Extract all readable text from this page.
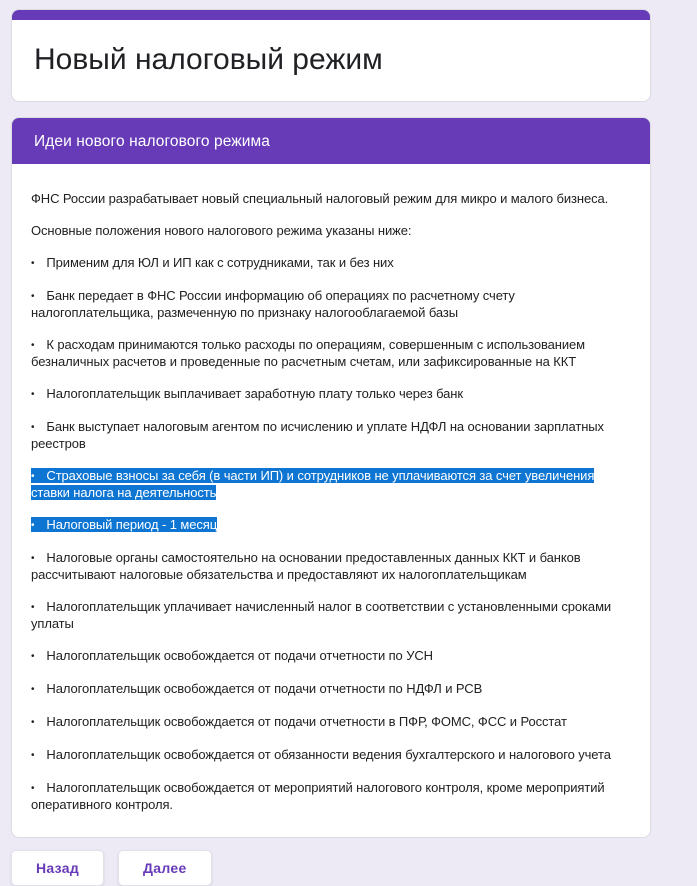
Новый налоговый режим
Идеи нового налогового режима

ФНС России разрабатывает новый специальный налоговый режим для микро и малого бизнеса.

Основные положения нового налогового режима указаны ниже:

• Применим для ЮЛ и ИП как с сотрудниками, так и без них

• Банк передает в ФНС России информацию об операциях по расчетному счету налогоплательщика, размеченную по признаку налогооблагаемой базы

• К расходам принимаются только расходы по операциям, совершенным с использованием безналичных расчетов и проведенные по расчетным счетам, или зафиксированные на ККТ

• Налогоплательщик выплачивает заработную плату только через банк

• Банк выступает налоговым агентом по исчислению и уплате НДФЛ на основании зарплатных реестров

• Страховые взносы за себя (в части ИП) и сотрудников не уплачиваются за счет увеличения ставки налога на деятельность

• Налоговый период - 1 месяц

• Налоговые органы самостоятельно на основании предоставленных данных ККТ и банков рассчитывают налоговые обязательства и предоставляют их налогоплательщикам

• Налогоплательщик уплачивает начисленный налог в соответствии с установленными сроками уплаты

• Налогоплательщик освобождается от подачи отчетности по УСН

• Налогоплательщик освобождается от подачи отчетности по НДФЛ и РСВ

• Налогоплательщик освобождается от подачи отчетности в ПФР, ФОМС, ФСС и Росстат

• Налогоплательщик освобождается от обязанности ведения бухгалтерского и налогового учета

• Налогоплательщик освобождается от мероприятий налогового контроля, кроме мероприятий оперативного контроля.

Назад	Далее
